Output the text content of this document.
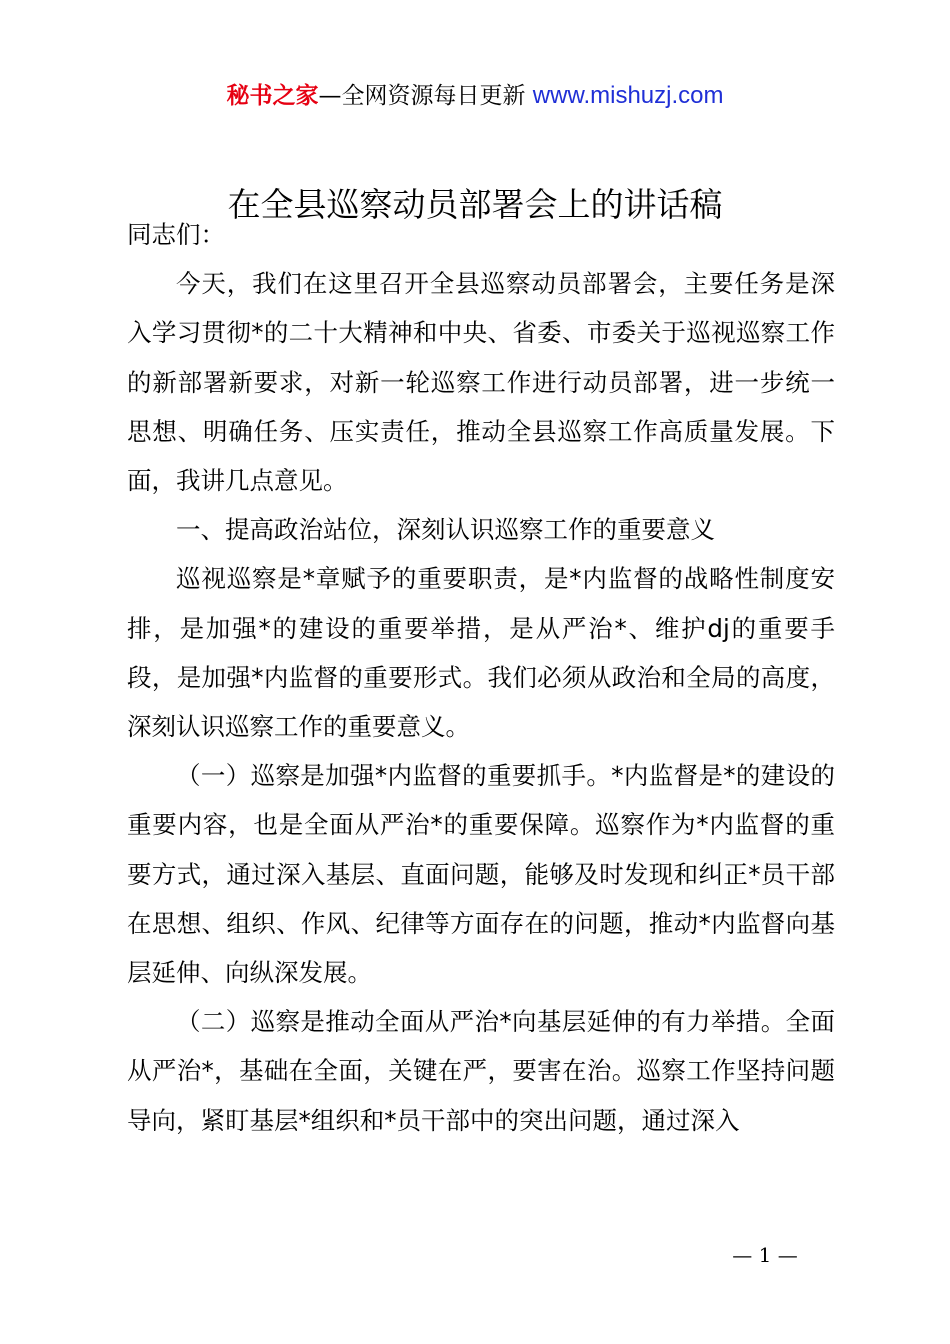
秘书之家—全网资源每日更新 www.mishuzj.com
在全县巡察动员部署会上的讲话稿

同志们：

今天，我们在这里召开全县巡察动员部署会，主要任务是深入学习贯彻*的二十大精神和中央、省委、市委关于巡视巡察工作的新部署新要求，对新一轮巡察工作进行动员部署，进一步统一思想、明确任务、压实责任，推动全县巡察工作高质量发展。下面，我讲几点意见。

一、提高政治站位，深刻认识巡察工作的重要意义

巡视巡察是*章赋予的重要职责，是*内监督的战略性制度安排，是加强*的建设的重要举措，是从严治*、维护dj的重要手段，是加强*内监督的重要形式。我们必须从政治和全局的高度，深刻认识巡察工作的重要意义。

（一）巡察是加强*内监督的重要抓手。*内监督是*的建设的重要内容，也是全面从严治*的重要保障。巡察作为*内监督的重要方式，通过深入基层、直面问题，能够及时发现和纠正*员干部在思想、组织、作风、纪律等方面存在的问题，推动*内监督向基层延伸、向纵深发展。

（二）巡察是推动全面从严治*向基层延伸的有力举措。全面从严治*，基础在全面，关键在严，要害在治。巡察工作坚持问题导向，紧盯基层*组织和*员干部中的突出问题，通过深入

— 1 —
